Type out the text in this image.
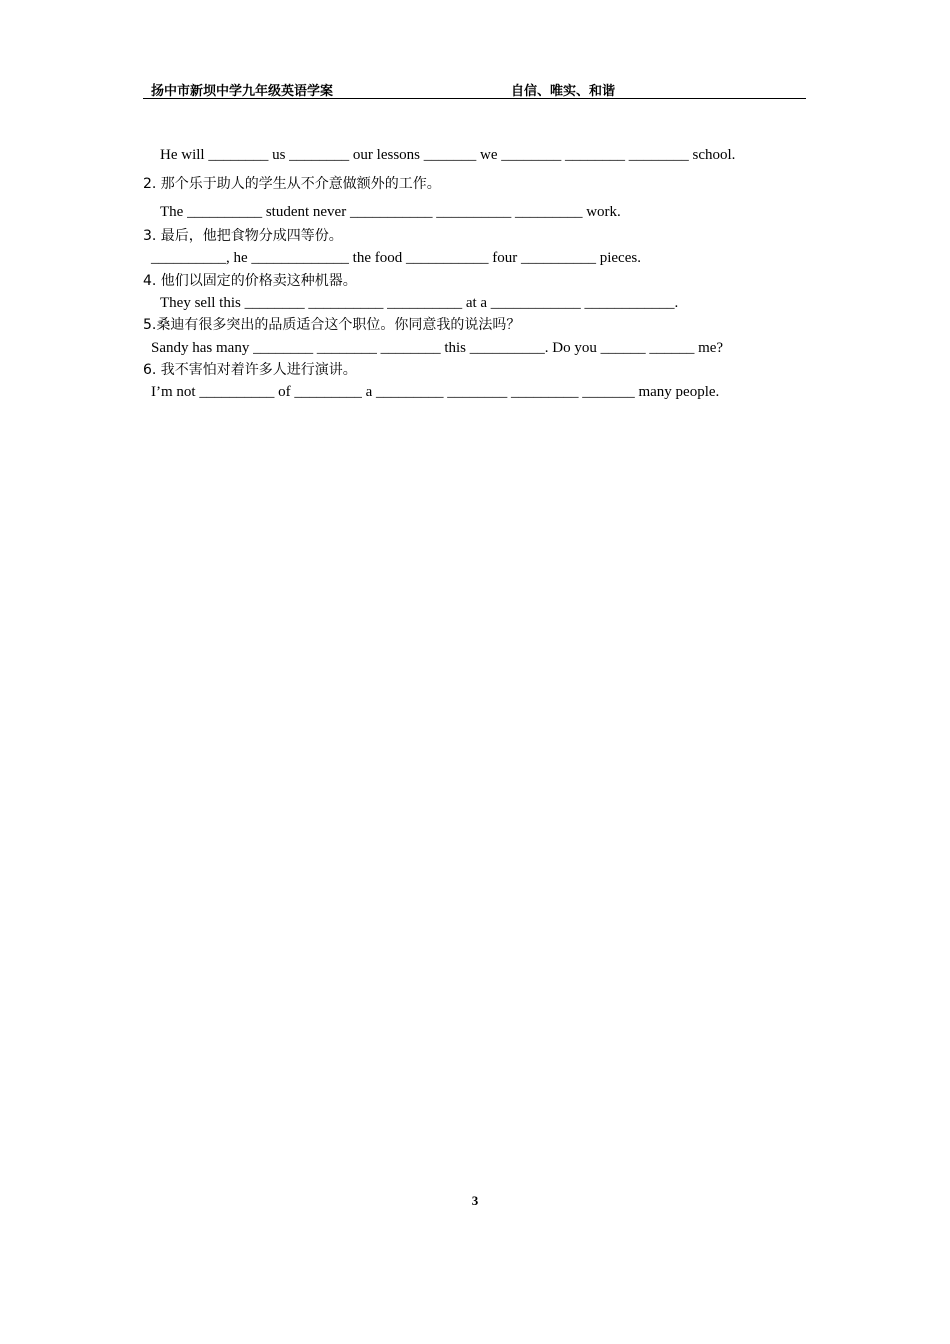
扬中市新坝中学九年级英语学案	自信、唯实、和谐
He will ________ us ________ our lessons _______ we ________ ________ ________ school.
2. 那个乐于助人的学生从不介意做额外的工作。
The __________ student never ___________ __________ _________ work.
3. 最后，他把食物分成四等份。
__________, he _____________ the food ___________ four __________ pieces.
4. 他们以固定的价格卖这种机器。
They sell this ________ __________ __________ at a ____________ ____________.
5.桑迪有很多突出的品质适合这个职位。你同意我的说法吗？
Sandy has many ________ ________ ________ this __________. Do you ______ ______ me?
6. 我不害怕对着许多人进行演讲。
I’m not __________ of _________ a _________ ________ _________ _______ many people.
3
